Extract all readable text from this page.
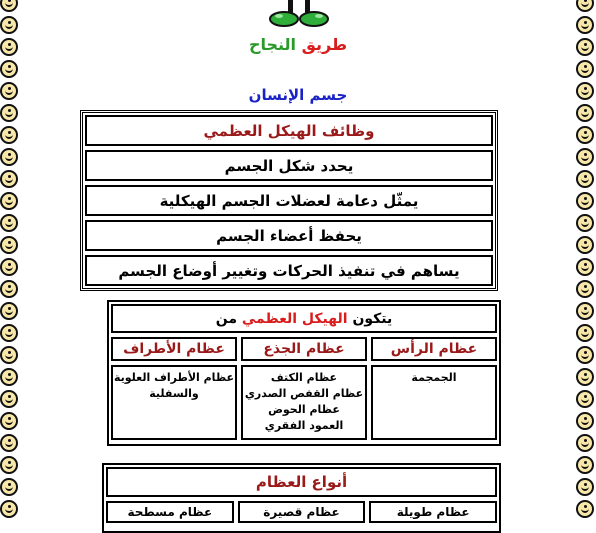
طريق النجاح
جسم الإنسان
وظائف الهيكل العظمي
يحدد شكل الجسم
يمثّل دعامة لعضلات الجسم الهيكلية
يحفظ أعضاء الجسم
يساهم في تنفيذ الحركات وتغيير أوضاع الجسم
يتكون

الهيكل العظمي

من
عظام الرأس
عظام الجذع
عظام الأطراف
الجمجمة
عظام الكتف
عظام القفص الصدري
عظام الحوض
العمود الفقري
عظام الأطراف العلوية
والسفلية
أنواع العظام
عظام طويلة
عظام قصيرة
عظام مسطحة
